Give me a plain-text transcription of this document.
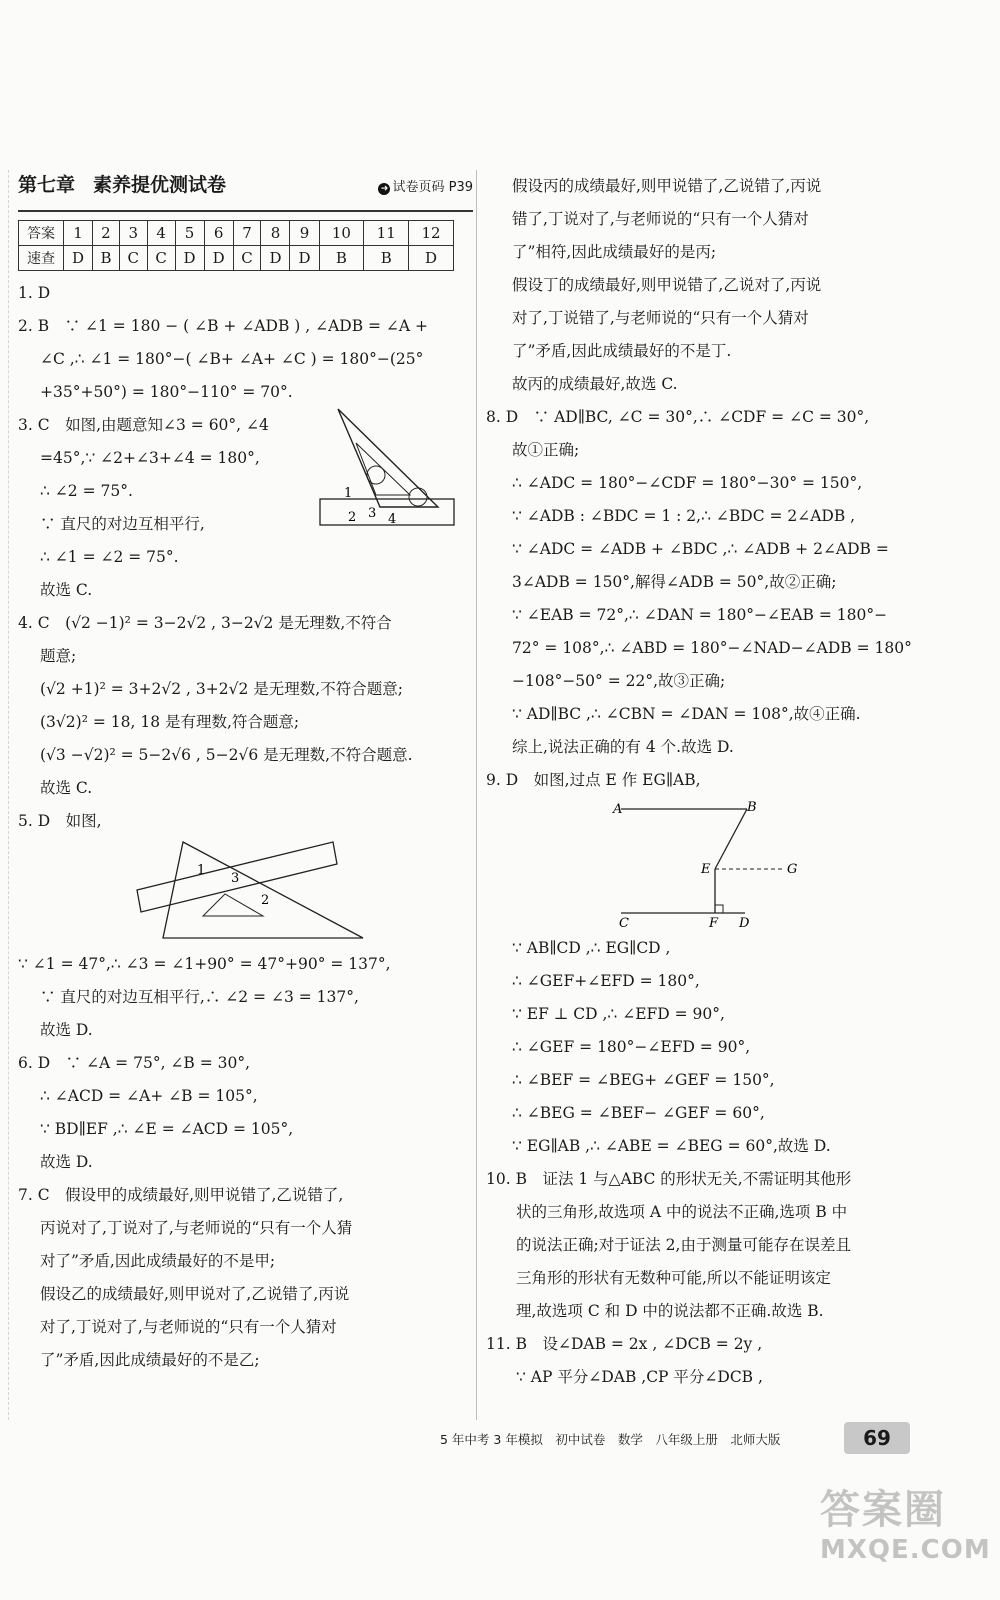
第七章 素养提优测试卷	➜ 试卷页码 P39
答案	1	2	3	4	5	6	7	8	9	10	11	12
速查	D	B	C	C	D	D	C	D	D	B	B	D
1. D
2. B　∵ ∠1 = 180 − ( ∠B + ∠ADB ) , ∠ADB = ∠A +
∠C ,∴ ∠1 = 180°−( ∠B+ ∠A+ ∠C ) = 180°−(25°
+35°+50°) = 180°−110° = 70°.
1
2 3 4
3. C　如图,由题意知∠3 = 60°, ∠4
=45°,∵ ∠2+∠3+∠4 = 180°,
∴ ∠2 = 75°.
∵ 直尺的对边互相平行,
∴ ∠1 = ∠2 = 75°.
故选 C.
4. C　(√2 −1)² = 3−2√2 , 3−2√2 是无理数,不符合
题意;
(√2 +1)² = 3+2√2 , 3+2√2 是无理数,不符合题意;
(3√2)² = 18, 18 是有理数,符合题意;
(√3 −√2)² = 5−2√6 , 5−2√6 是无理数,不符合题意.
故选 C.
5. D　如图,
1
3
2
∵ ∠1 = 47°,∴ ∠3 = ∠1+90° = 47°+90° = 137°,
∵ 直尺的对边互相平行,∴ ∠2 = ∠3 = 137°,
故选 D.
6. D　∵ ∠A = 75°, ∠B = 30°,
∴ ∠ACD = ∠A+ ∠B = 105°,
∵ BD∥EF ,∴ ∠E = ∠ACD = 105°,
故选 D.
7. C　假设甲的成绩最好,则甲说错了,乙说错了,
丙说对了,丁说对了,与老师说的“只有一个人猜
对了”矛盾,因此成绩最好的不是甲;
假设乙的成绩最好,则甲说对了,乙说错了,丙说
对了,丁说对了,与老师说的“只有一个人猜对
了”矛盾,因此成绩最好的不是乙;
假设丙的成绩最好,则甲说错了,乙说错了,丙说
错了,丁说对了,与老师说的“只有一个人猜对
了”相符,因此成绩最好的是丙;
假设丁的成绩最好,则甲说错了,乙说对了,丙说
对了,丁说错了,与老师说的“只有一个人猜对
了”矛盾,因此成绩最好的不是丁.
故丙的成绩最好,故选 C.
8. D　∵ AD∥BC, ∠C = 30°,∴ ∠CDF = ∠C = 30°,
故①正确;
∴ ∠ADC = 180°−∠CDF = 180°−30° = 150°,
∵ ∠ADB : ∠BDC = 1 : 2,∴ ∠BDC = 2∠ADB ,
∵ ∠ADC = ∠ADB + ∠BDC ,∴ ∠ADB + 2∠ADB =
3∠ADB = 150°,解得∠ADB = 50°,故②正确;
∵ ∠EAB = 72°,∴ ∠DAN = 180°−∠EAB = 180°−
72° = 108°,∴ ∠ABD = 180°−∠NAD−∠ADB = 180°
−108°−50° = 22°,故③正确;
∵ AD∥BC ,∴ ∠CBN = ∠DAN = 108°,故④正确.
综上,说法正确的有 4 个.故选 D.
9. D　如图,过点 E 作 EG∥AB,
A	B
E	G
C	F D
∵ AB∥CD ,∴ EG∥CD ,
∴ ∠GEF+∠EFD = 180°,
∵ EF ⊥ CD ,∴ ∠EFD = 90°,
∴ ∠GEF = 180°−∠EFD = 90°,
∴ ∠BEF = ∠BEG+ ∠GEF = 150°,
∴ ∠BEG = ∠BEF− ∠GEF = 60°,
∵ EG∥AB ,∴ ∠ABE = ∠BEG = 60°,故选 D.
10. B　证法 1 与△ABC 的形状无关,不需证明其他形
状的三角形,故选项 A 中的说法不正确,选项 B 中
的说法正确;对于证法 2,由于测量可能存在误差且
三角形的形状有无数种可能,所以不能证明该定
理,故选项 C 和 D 中的说法都不正确.故选 B.
11. B　设∠DAB = 2x , ∠DCB = 2y ,
∵ AP 平分∠DAB ,CP 平分∠DCB ,
5 年中考 3 年模拟　初中试卷　数学　八年级上册　北师大版	69
答案圈
MXQE.COM
